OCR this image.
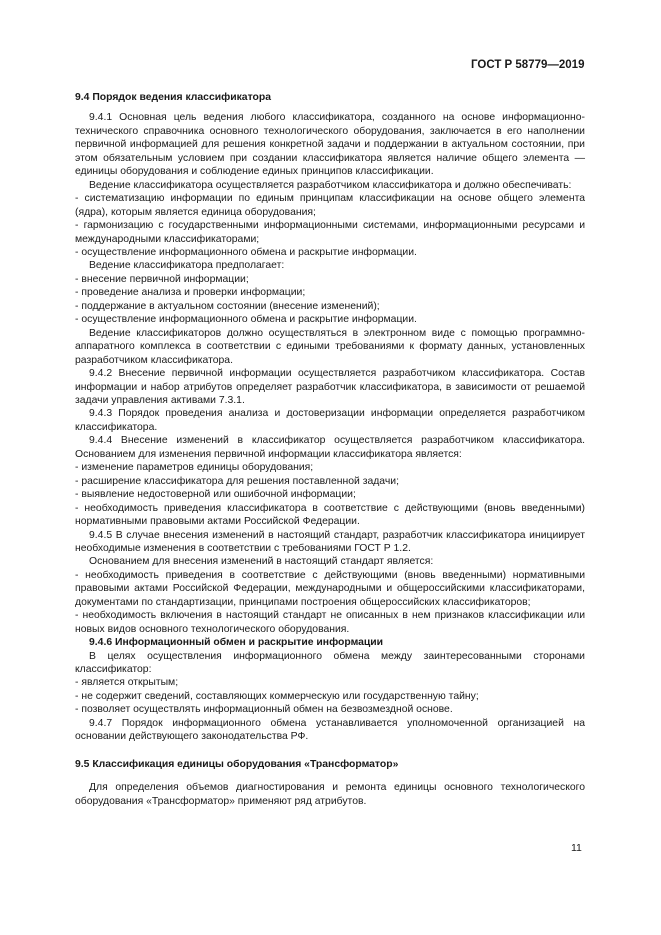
ГОСТ Р 58779—2019

9.4 Порядок ведения классификатора

9.4.1 Основная цель ведения любого классификатора, созданного на основе информационно-технического справочника основного технологического оборудования, заключается в его наполнении первичной информацией для решения конкретной задачи и поддержании в актуальном состоянии, при этом обязательным условием при создании классификатора является наличие общего элемента — единицы оборудования и соблюдение единых принципов классификации.

Ведение классификатора осуществляется разработчиком классификатора и должно обеспечивать:

- систематизацию информации по единым принципам классификации на основе общего элемента (ядра), которым является единица оборудования;

- гармонизацию с государственными информационными системами, информационными ресурсами и международными классификаторами;

- осуществление информационного обмена и раскрытие информации.

Ведение классификатора предполагает:

- внесение первичной информации;

- проведение анализа и проверки информации;

- поддержание в актуальном состоянии (внесение изменений);

- осуществление информационного обмена и раскрытие информации.

Ведение классификаторов должно осуществляться в электронном виде с помощью программно-аппаратного комплекса в соответствии с едиными требованиями к формату данных, установленных разработчиком классификатора.

9.4.2 Внесение первичной информации осуществляется разработчиком классификатора. Состав информации и набор атрибутов определяет разработчик классификатора, в зависимости от решаемой задачи управления активами 7.3.1.

9.4.3 Порядок проведения анализа и достоверизации информации определяется разработчиком классификатора.

9.4.4 Внесение изменений в классификатор осуществляется разработчиком классификатора. Основанием для изменения первичной информации классификатора является:

- изменение параметров единицы оборудования;

- расширение классификатора для решения поставленной задачи;

- выявление недостоверной или ошибочной информации;

- необходимость приведения классификатора в соответствие с действующими (вновь введенными) нормативными правовыми актами Российской Федерации.

9.4.5 В случае внесения изменений в настоящий стандарт, разработчик классификатора инициирует необходимые изменения в соответствии с требованиями ГОСТ Р 1.2.

Основанием для внесения изменений в настоящий стандарт является:

- необходимость приведения в соответствие с действующими (вновь введенными) нормативными правовыми актами Российской Федерации, международными и общероссийскими классификаторами, документами по стандартизации, принципами построения общероссийских классификаторов;

- необходимость включения в настоящий стандарт не описанных в нем признаков классификации или новых видов основного технологического оборудования.

9.4.6 Информационный обмен и раскрытие информации

В целях осуществления информационного обмена между заинтересованными сторонами классификатор:

- является открытым;

- не содержит сведений, составляющих коммерческую или государственную тайну;

- позволяет осуществлять информационный обмен на безвозмездной основе.

9.4.7 Порядок информационного обмена устанавливается уполномоченной организацией на основании действующего законодательства РФ.

9.5 Классификация единицы оборудования «Трансформатор»

Для определения объемов диагностирования и ремонта единицы основного технологического оборудования «Трансформатор» применяют ряд атрибутов.

11
